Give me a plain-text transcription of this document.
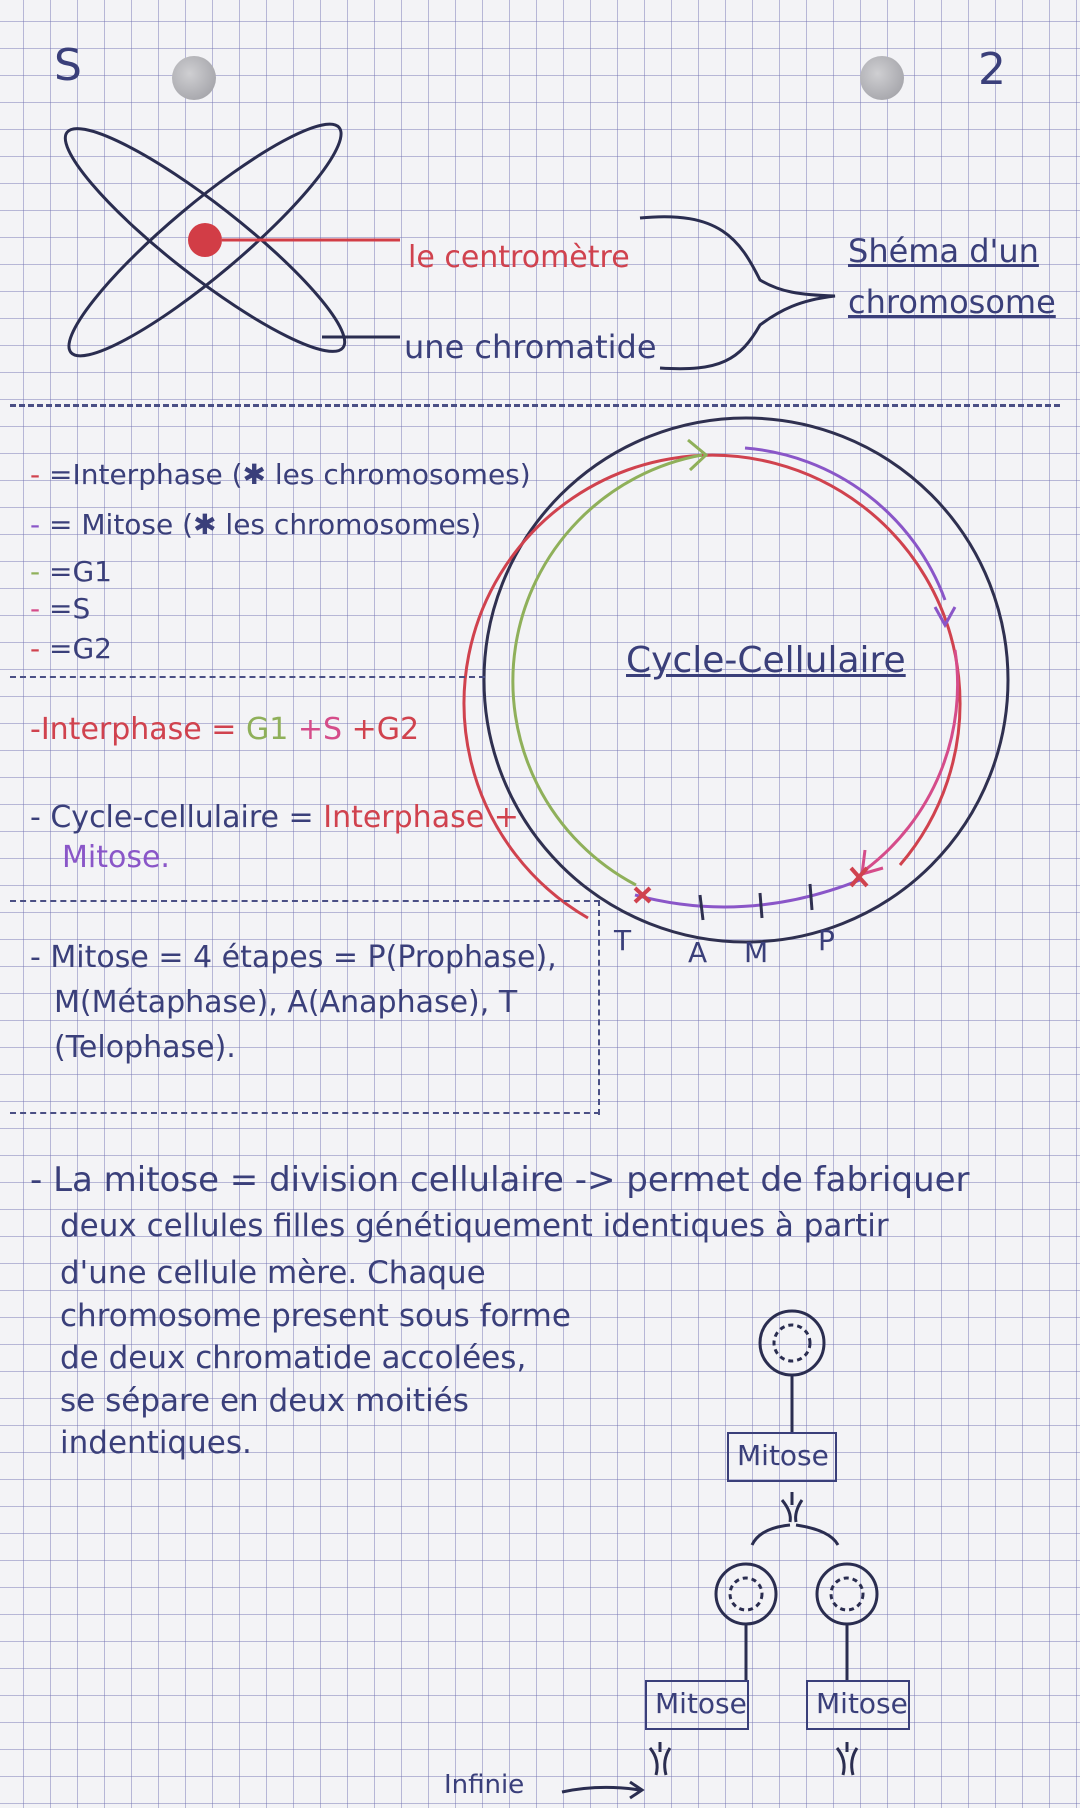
S	2
le centromètre
une chromatide
Shéma d'un
chromosome
- =Interphase (✱ les chromosomes)
- = Mitose (✱ les chromosomes)
- =G1
- =S
- =G2
-Interphase = G1 +S +G2
- Cycle-cellulaire = Interphase +
Mitose.
- Mitose = 4 étapes = P(Prophase),
M(Métaphase), A(Anaphase), T
(Telophase).
Cycle-Cellulaire
T A M P
- La mitose = division cellulaire -> permet de fabriquer
deux cellules filles génétiquement identiques à partir
d'une cellule mère. Chaque
chromosome present sous forme
de deux chromatide accolées,
se sépare en deux moitiés
indentiques.	Mitose
Mitose	Mitose
Infinie
